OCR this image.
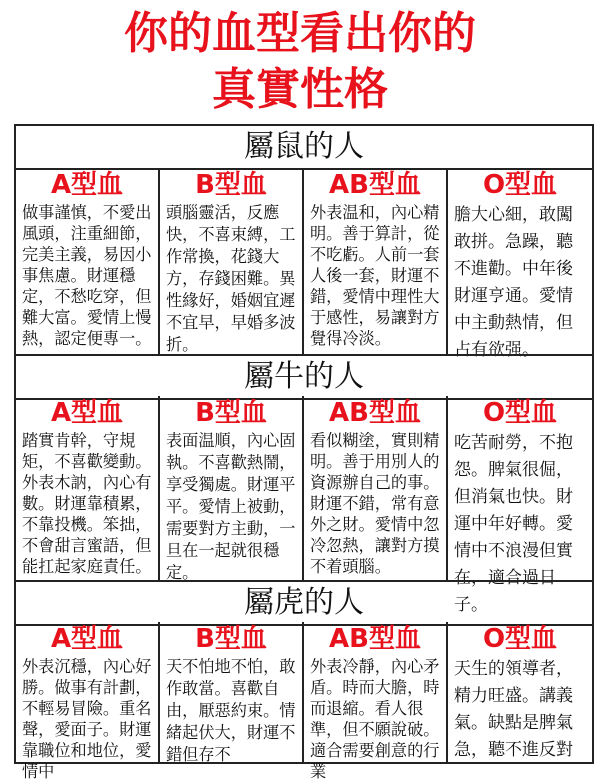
你的血型看出你的
真實性格
屬鼠的人
A型血
做事謹慎，不愛出風頭，注重細節，完美主義，易因小事焦慮。財運穩定，不愁吃穿，但難大富。愛情上慢熱，認定便專一。
B型血
頭腦靈活，反應快，不喜束縛，工作常換，花錢大方，存錢困難。異性緣好，婚姻宜遲不宜早，早婚多波折。
AB型血
外表温和，內心精明。善于算計，從不吃虧。人前一套人後一套，財運不錯，愛情中理性大于感性，易讓對方覺得冷淡。
O型血
膽大心細，敢闖敢拼。急躁，聽不進勸。中年後財運亨通。愛情中主動熱情，但占有欲强。
屬牛的人
A型血
踏實肯幹，守規矩，不喜歡變動。外表木訥，內心有數。財運靠積累，不靠投機。笨拙，不會甜言蜜語，但能扛起家庭責任。
B型血
表面温順，內心固執。不喜歡熱鬧，享受獨處。財運平平。愛情上被動，需要對方主動，一旦在一起就很穩定。
AB型血
看似糊塗，實則精明。善于用別人的資源辦自己的事。財運不錯，常有意外之財。愛情中忽冷忽熱，讓對方摸不着頭腦。
O型血
吃苦耐勞，不抱怨。脾氣很倔，但消氣也快。財運中年好轉。愛情中不浪漫但實在，適合過日子。
屬虎的人
A型血
外表沉穩，內心好勝。做事有計劃，不輕易冒險。重名聲，愛面子。財運靠職位和地位，愛情中
B型血
天不怕地不怕，敢作敢當。喜歡自由，厭惡約束。情緒起伏大，財運不錯但存不
AB型血
外表冷靜，內心矛盾。時而大膽，時而退縮。看人很準，但不願說破。適合需要創意的行業
O型血
天生的領導者，精力旺盛。講義氣。缺點是脾氣急，聽不進反對
